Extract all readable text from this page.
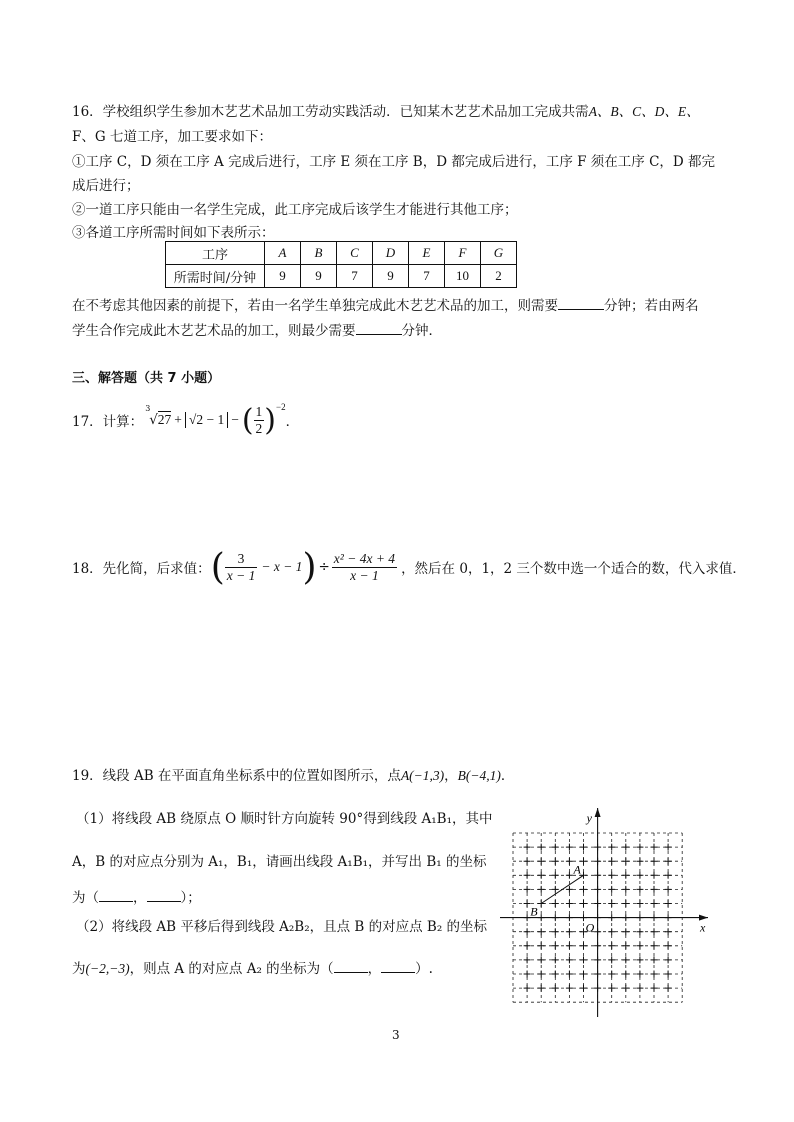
16．学校组织学生参加木艺艺术品加工劳动实践活动．已知某木艺艺术品加工完成共需A、B、C、D、E、
F、G 七道工序，加工要求如下：
①工序 C，D 须在工序 A 完成后进行，工序 E 须在工序 B，D 都完成后进行，工序 F 须在工序 C，D 都完
成后进行；
②一道工序只能由一名学生完成，此工序完成后该学生才能进行其他工序；
③各道工序所需时间如下表所示：
工序	A	B	C	D	E	F	G
所需时间/分钟	9	9	7	9	7	10	2
在不考虑其他因素的前提下，若由一名学生单独完成此木艺艺术品的加工，则需要	分钟；若由两名
学生合作完成此木艺艺术品的加工，则最少需要	分钟．
三、解答题（共 7 小题）
17．计算：
3
√27 + √2 − 1 − ( $\frac{1}{2}$ ) −2
．
18．先化简，后求值： ( $\frac{3}{x - 1} - x - 1$ ) ÷ $\frac{\text{x² − 4x + 4}}{x - 1}$ ，然后在 0，1，2 三个数中选一个适合的数，代入求值．
19．线段 AB 在平面直角坐标系中的位置如图所示，点A(−1,3)，B(−4,1)．
（1）将线段 AB 绕原点 O 顺时针方向旋转 90°得到线段 A₁B₁，其中
A，B 的对应点分别为 A₁，B₁，请画出线段 A₁B₁，并写出 B₁ 的坐标
为（	，	）；
（2）将线段 AB 平移后得到线段 A₂B₂，且点 B 的对应点 B₂ 的坐标
为(−2,−3)，则点 A 的对应点 A₂ 的坐标为（	，	）.
x
y
O
A
B
3
